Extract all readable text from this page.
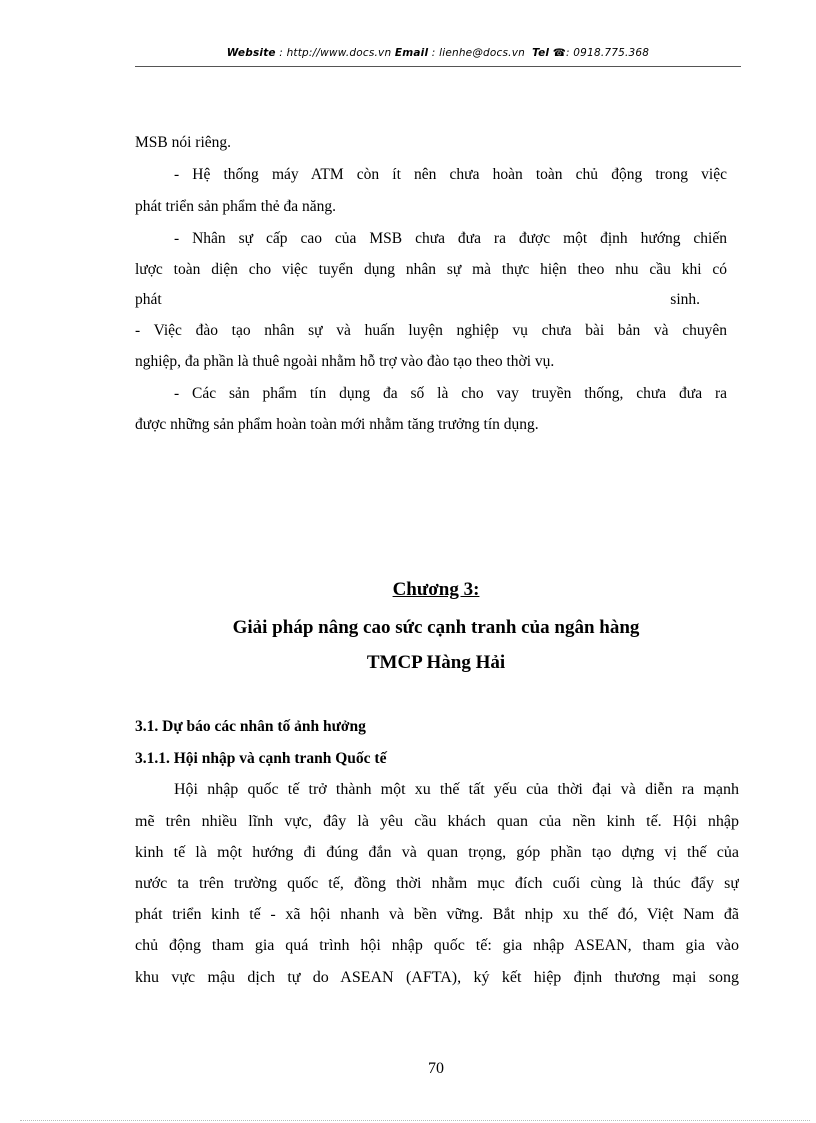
Website : http://www.docs.vn Email : lienhe@docs.vn Tel ☎: 0918.775.368
MSB nói riêng.
- Hệ thống máy ATM còn ít nên chưa hoàn toàn chủ động trong việc
phát triển sản phẩm thẻ đa năng.
- Nhân sự cấp cao của MSB chưa đưa ra được một định hướng chiến
lược toàn diện cho việc tuyển dụng nhân sự mà thực hiện theo nhu cầu khi có
phát	sinh.
- Việc đào tạo nhân sự và huấn luyện nghiệp vụ chưa bài bản và chuyên
nghiệp, đa phần là thuê ngoài nhằm hỗ trợ vào đào tạo theo thời vụ.
- Các sản phẩm tín dụng đa số là cho vay truyền thống, chưa đưa ra
được những sản phẩm hoàn toàn mới nhằm tăng trưởng tín dụng.
Chương 3:
Giải pháp nâng cao sức cạnh tranh của ngân hàng
TMCP Hàng Hải
3.1. Dự báo các nhân tố ảnh hưởng
3.1.1. Hội nhập và cạnh tranh Quốc tế
Hội nhập quốc tế trở thành một xu thế tất yếu của thời đại và diễn ra mạnh
mẽ trên nhiều lĩnh vực, đây là yêu cầu khách quan của nền kinh tế. Hội nhập
kinh tế là một hướng đi đúng đắn và quan trọng, góp phần tạo dựng vị thế của
nước ta trên trường quốc tế, đồng thời nhằm mục đích cuối cùng là thúc đẩy sự
phát triển kinh tế - xã hội nhanh và bền vững. Bắt nhịp xu thế đó, Việt Nam đã
chủ động tham gia quá trình hội nhập quốc tế: gia nhập ASEAN, tham gia vào
khu vực mậu dịch tự do ASEAN (AFTA), ký kết hiệp định thương mại song
70
